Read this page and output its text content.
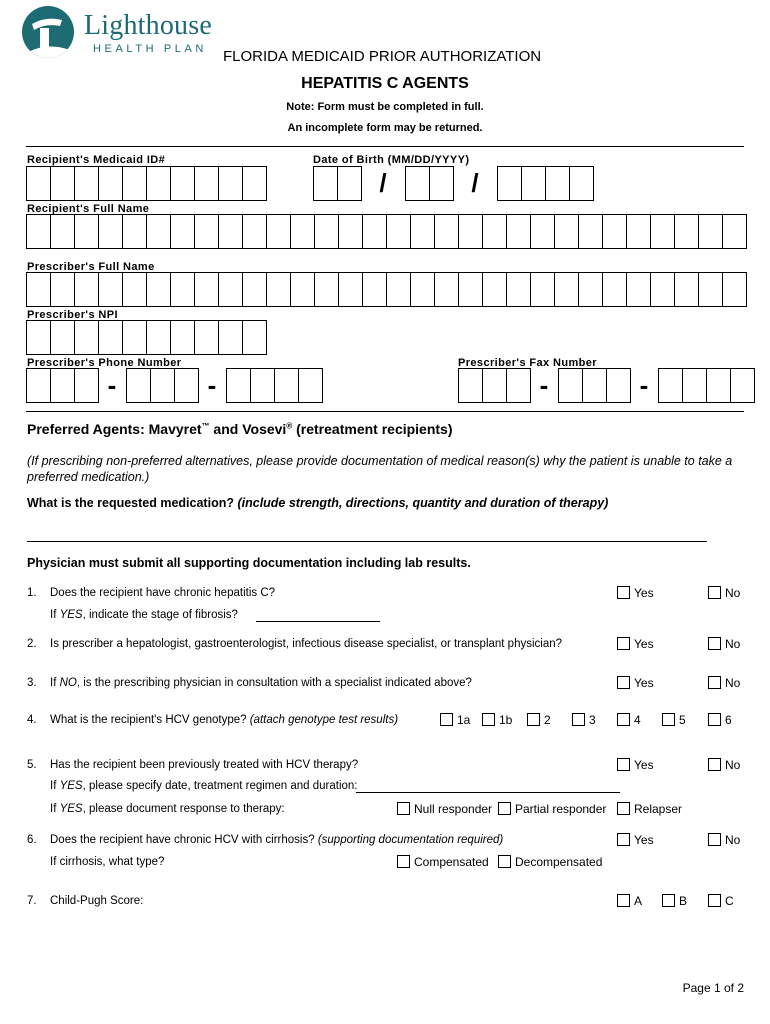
Lighthouse
HEALTH PLAN FLORIDA MEDICAID PRIOR AUTHORIZATION
HEPATITIS C AGENTS
Note: Form must be completed in full.
An incomplete form may be returned.
Recipient's Medicaid ID#	Date of Birth (MM/DD/YYYY)
/	/
Recipient's Full Name
Prescriber's Full Name
Prescriber's NPI
Prescriber's Phone Number	Prescriber's Fax Number
-	-	-	-
Preferred Agents: Mavyret™ and Vosevi® (retreatment recipients)
(If prescribing non-preferred alternatives, please provide documentation of medical reason(s) why the patient is unable to take a preferred medication.)
What is the requested medication? (include strength, directions, quantity and duration of therapy)
Physician must submit all supporting documentation including lab results.
1. Does the recipient have chronic hepatitis C?	Yes	No
If YES, indicate the stage of fibrosis?
2. Is prescriber a hepatologist, gastroenterologist, infectious disease specialist, or transplant physician?	Yes	No
3. If NO, is the prescribing physician in consultation with a specialist indicated above?	Yes	No
4. What is the recipient's HCV genotype? (attach genotype test results)	1a	1b	2	3	4	5	6
5. Has the recipient been previously treated with HCV therapy?	Yes	No
If YES, please specify date, treatment regimen and duration:
If YES, please document response to therapy:	Null responder	Partial responder	Relapser
6. Does the recipient have chronic HCV with cirrhosis? (supporting documentation required)	Yes	No
If cirrhosis, what type?	Compensated	Decompensated
7. Child-Pugh Score:	A	B	C
Page 1 of 2
